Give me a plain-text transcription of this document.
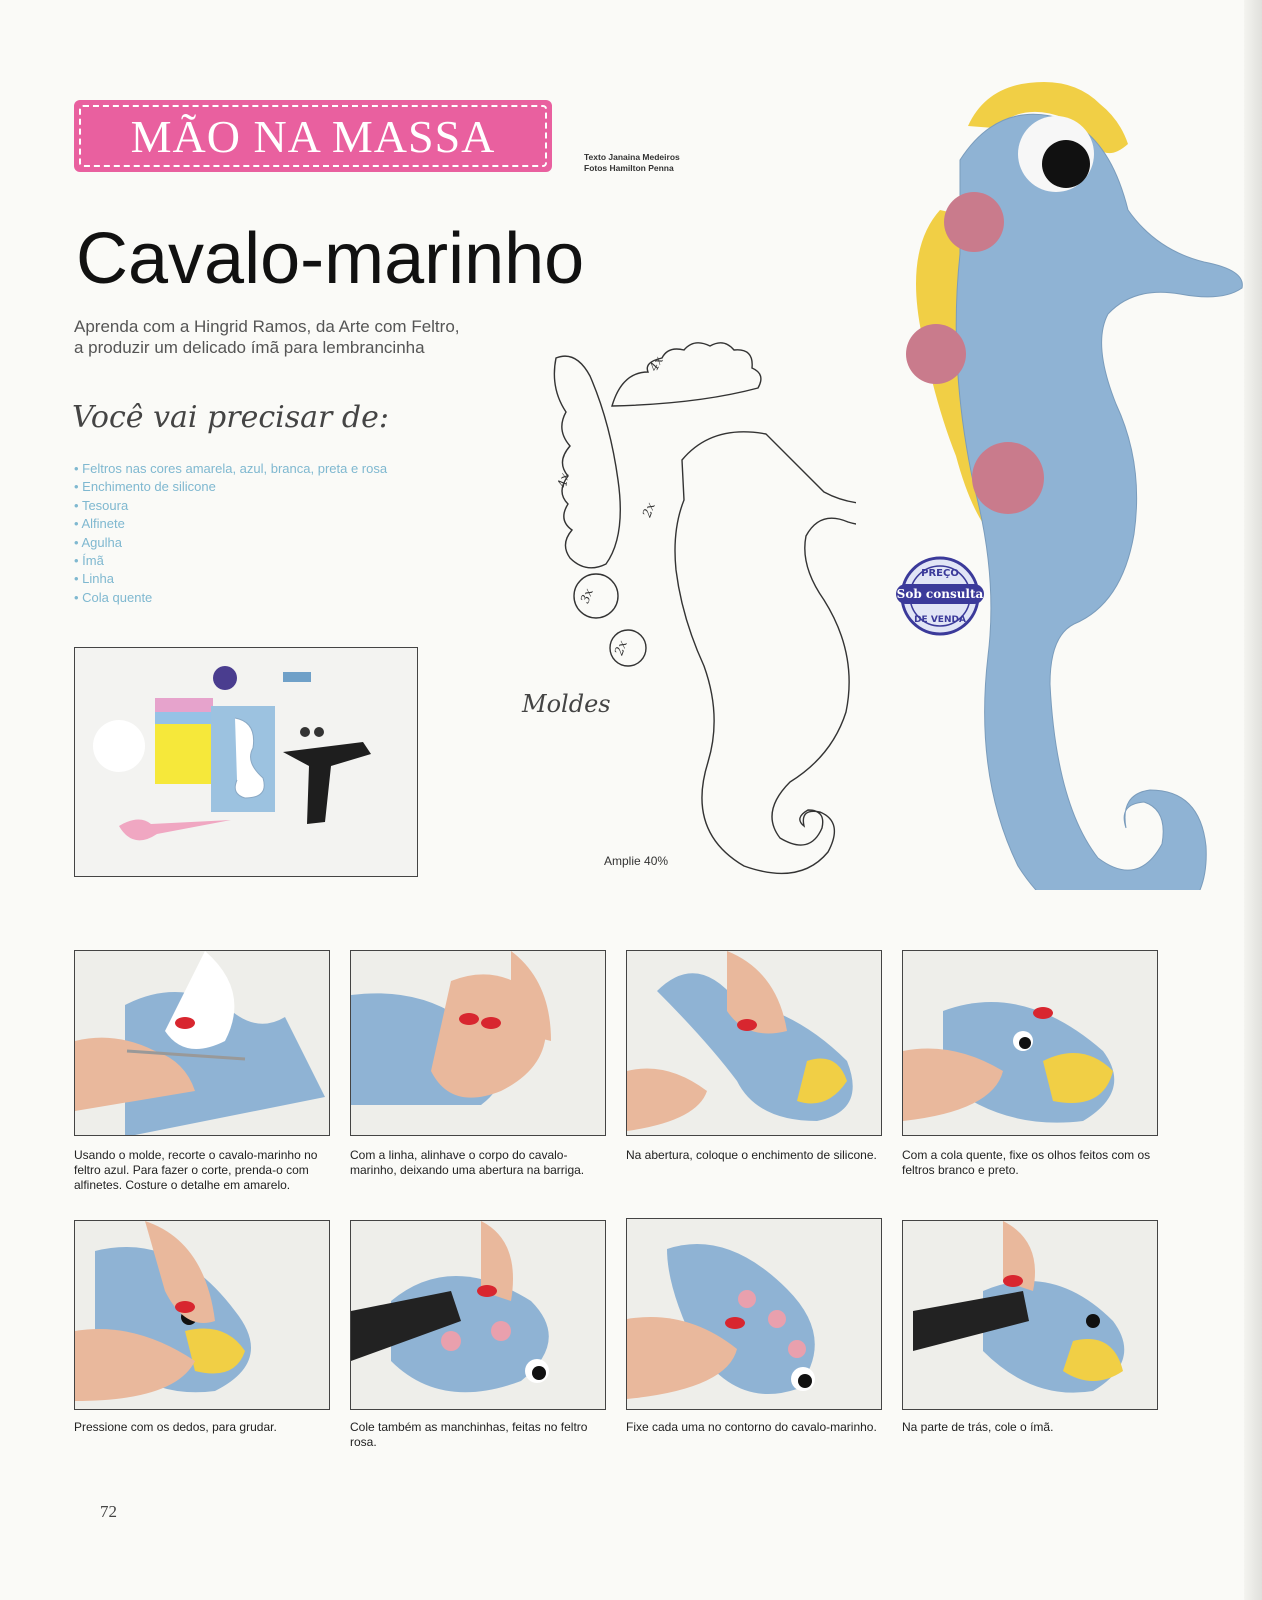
MÃO NA MASSA	Texto Janaina Medeiros
Fotos Hamilton Penna
Cavalo-marinho
Aprenda com a Hingrid Ramos, da Arte com Feltro,
a produzir um delicado ímã para lembrancinha
Você vai precisar de:
• Feltros nas cores amarela, azul, branca, preta e rosa
• Enchimento de silicone
• Tesoura
• Alfinete
• Agulha
• Ímã
• Linha
• Cola quente
4x
4x
2x
3x
2x
Moldes
Amplie 40%
PREÇO
Sob consulta
DE VENDA
Usando o molde, recorte o cavalo-marinho no feltro azul. Para fazer o corte, prenda-o com alfinetes. Costure o detalhe em amarelo.
Com a linha, alinhave o corpo do cavalo-marinho, deixando uma abertura na barriga.
Na abertura, coloque o enchimento de silicone. Com a cola quente, fixe os olhos feitos com os feltros branco e preto.
Pressione com os dedos, para grudar.	Cole também as manchinhas, feitas no feltro rosa.
Fixe cada uma no contorno do cavalo-marinho. Na parte de trás, cole o ímã.
72
